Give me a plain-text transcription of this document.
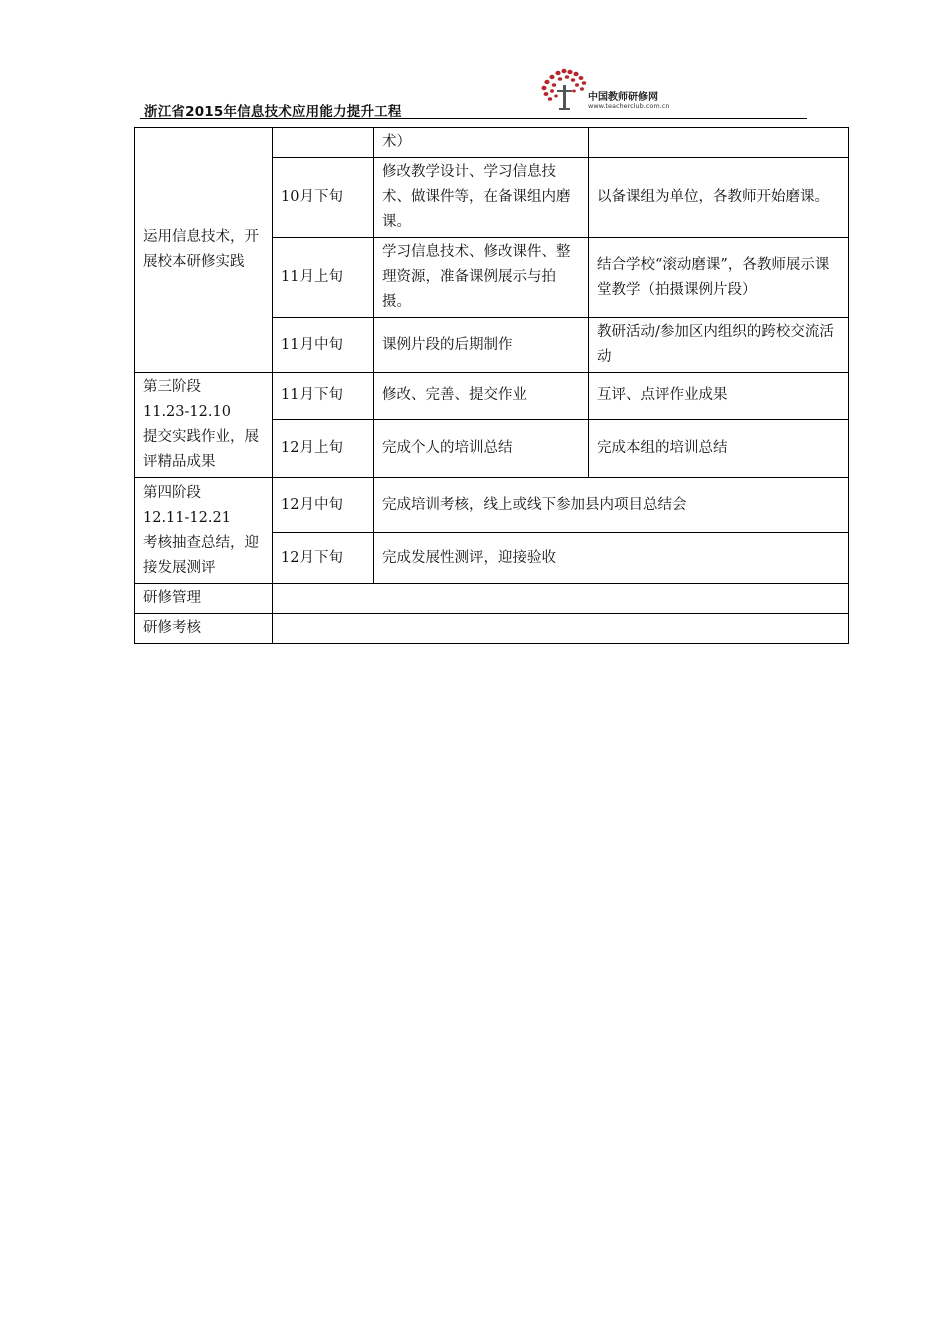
中国教师研修网
www.teacherclub.com.cn
浙江省2015年信息技术应用能力提升工程
运用信息技术，开展校本研修实践		术）	
	10月下旬	修改教学设计、学习信息技术、做课件等，在备课组内磨课。	以备课组为单位，各教师开始磨课。
	11月上旬	学习信息技术、修改课件、整理资源，准备课例展示与拍摄。	结合学校“滚动磨课”，各教师展示课堂教学（拍摄课例片段）
	11月中旬	课例片段的后期制作	教研活动/参加区内组织的跨校交流活动
第三阶段
11.23-12.10
提交实践作业，展评精品成果	11月下旬	修改、完善、提交作业	互评、点评作业成果
	12月上旬	完成个人的培训总结	完成本组的培训总结
第四阶段
12.11-12.21
考核抽查总结，迎接发展测评	12月中旬	完成培训考核，线上或线下参加县内项目总结会	
	12月下旬	完成发展性测评，迎接验收	
研修管理			
研修考核			
